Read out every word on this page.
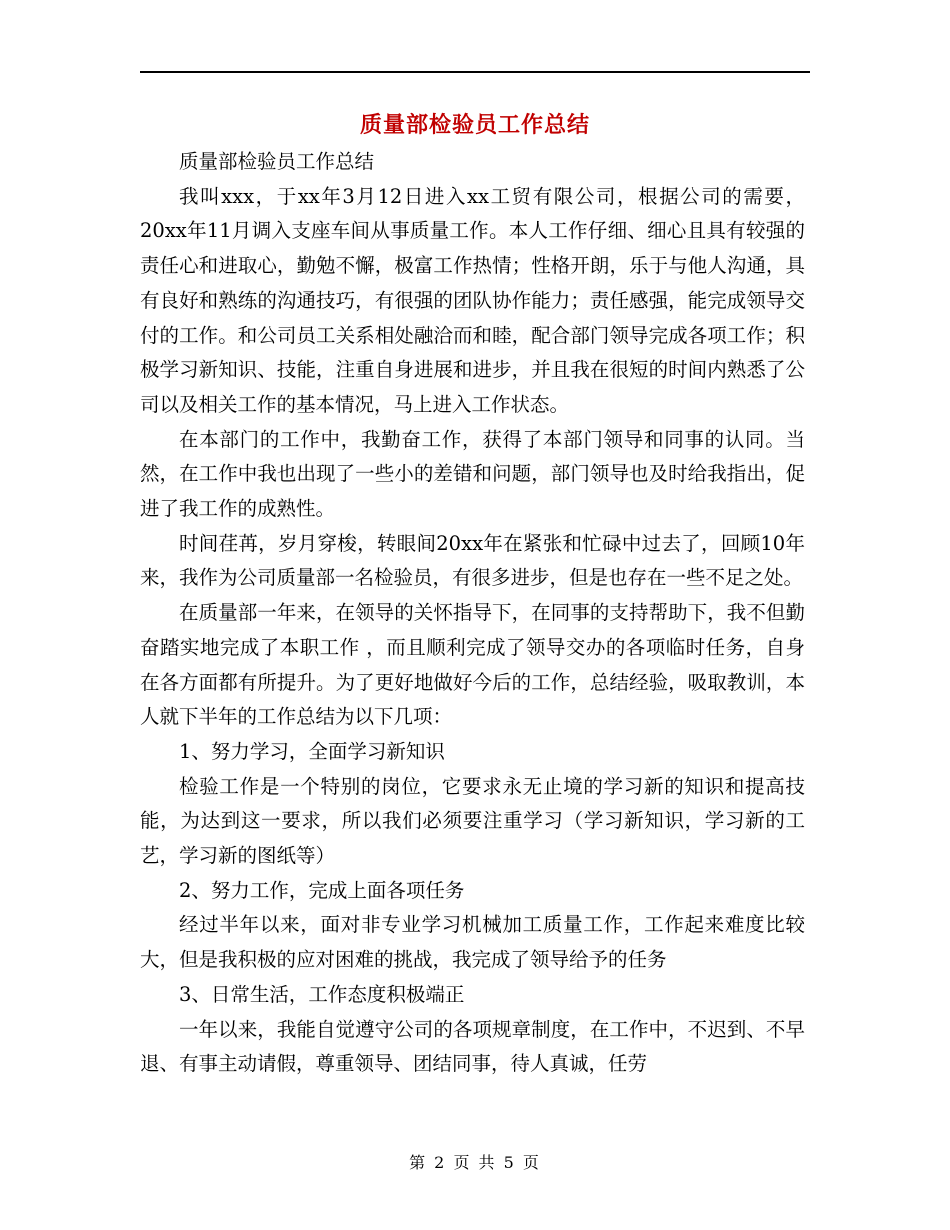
质量部检验员工作总结

质量部检验员工作总结

我叫xxx，于xx年3月12日进入xx工贸有限公司，根据公司的需要，20xx年11月调入支座车间从事质量工作。本人工作仔细、细心且具有较强的责任心和进取心，勤勉不懈，极富工作热情；性格开朗，乐于与他人沟通，具有良好和熟练的沟通技巧，有很强的团队协作能力；责任感强，能完成领导交付的工作。和公司员工关系相处融洽而和睦，配合部门领导完成各项工作；积极学习新知识、技能，注重自身进展和进步，并且我在很短的时间内熟悉了公司以及相关工作的基本情况，马上进入工作状态。

在本部门的工作中，我勤奋工作，获得了本部门领导和同事的认同。当然，在工作中我也出现了一些小的差错和问题，部门领导也及时给我指出，促进了我工作的成熟性。

时间荏苒，岁月穿梭，转眼间20xx年在紧张和忙碌中过去了，回顾10年来，我作为公司质量部一名检验员，有很多进步，但是也存在一些不足之处。

在质量部一年来，在领导的关怀指导下，在同事的支持帮助下，我不但勤奋踏实地完成了本职工作 ，而且顺利完成了领导交办的各项临时任务，自身在各方面都有所提升。为了更好地做好今后的工作，总结经验，吸取教训，本人就下半年的工作总结为以下几项：

1、努力学习，全面学习新知识

检验工作是一个特别的岗位，它要求永无止境的学习新的知识和提高技能，为达到这一要求，所以我们必须要注重学习（学习新知识，学习新的工艺，学习新的图纸等）

2、努力工作，完成上面各项任务

经过半年以来，面对非专业学习机械加工质量工作，工作起来难度比较大，但是我积极的应对困难的挑战，我完成了领导给予的任务

3、日常生活，工作态度积极端正

一年以来，我能自觉遵守公司的各项规章制度，在工作中，不迟到、不早退、有事主动请假，尊重领导、团结同事，待人真诚，任劳

第 2 页 共 5 页
